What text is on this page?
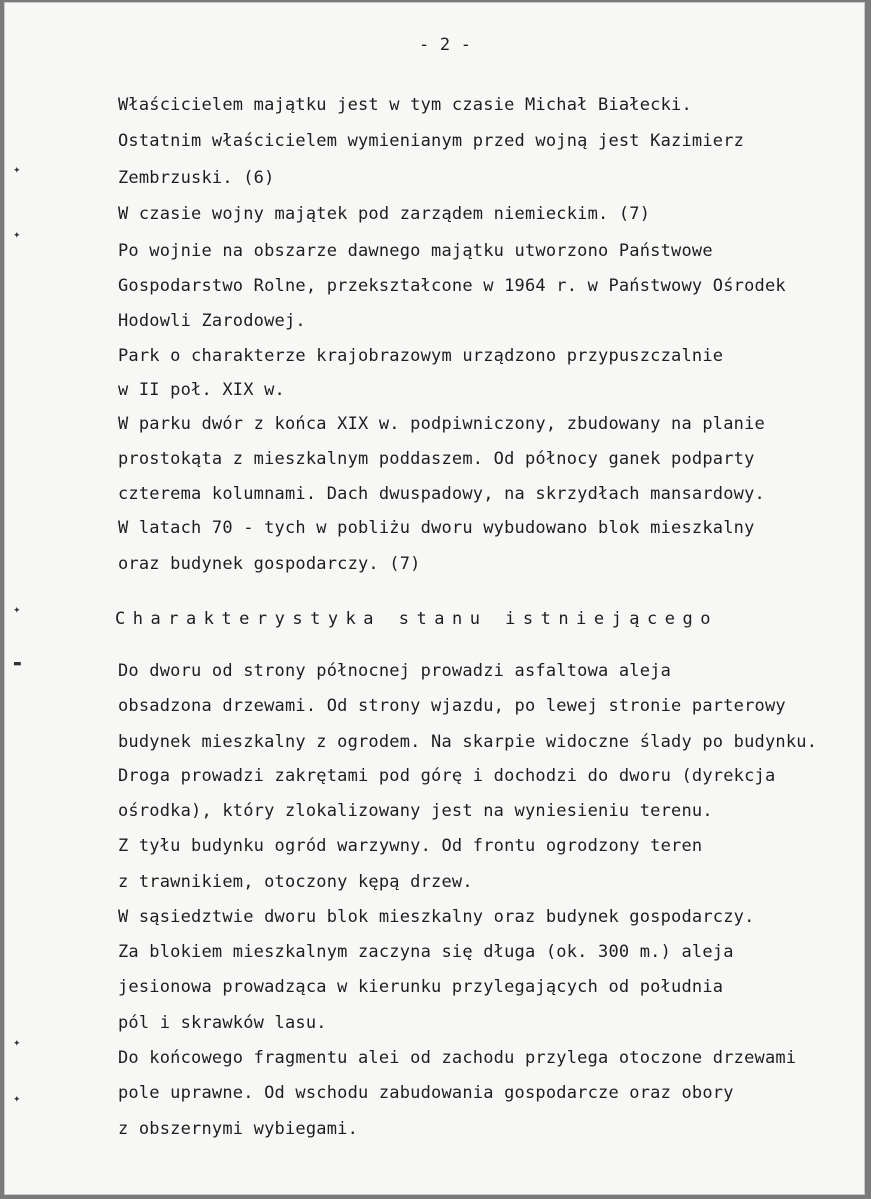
- 2 -
Właścicielem majątku jest w tym czasie Michał Białecki.
Ostatnim właścicielem wymienianym przed wojną jest Kazimierz
Zembrzuski. (6)
W czasie wojny majątek pod zarządem niemieckim. (7)
Po wojnie na obszarze dawnego majątku utworzono Państwowe
Gospodarstwo Rolne, przekształcone w 1964 r. w Państwowy Ośrodek
Hodowli Zarodowej.
Park o charakterze krajobrazowym urządzono przypuszczalnie
w II poł. XIX w.
W parku dwór z końca XIX w. podpiwniczony, zbudowany na planie
prostokąta z mieszkalnym poddaszem. Od północy ganek podparty
czterema kolumnami. Dach dwuspadowy, na skrzydłach mansardowy.
W latach 70 - tych w pobliżu dworu wybudowano blok mieszkalny
oraz budynek gospodarczy. (7)
Charakterystyka stanu istniejącego
Do dworu od strony północnej prowadzi asfaltowa aleja
obsadzona drzewami. Od strony wjazdu, po lewej stronie parterowy
budynek mieszkalny z ogrodem. Na skarpie widoczne ślady po budynku.
Droga prowadzi zakrętami pod górę i dochodzi do dworu (dyrekcja
ośrodka), który zlokalizowany jest na wyniesieniu terenu.
Z tyłu budynku ogród warzywny. Od frontu ogrodzony teren
z trawnikiem, otoczony kępą drzew.
W sąsiedztwie dworu blok mieszkalny oraz budynek gospodarczy.
Za blokiem mieszkalnym zaczyna się długa (ok. 300 m.) aleja
jesionowa prowadząca w kierunku przylegających od południa
pól i skrawków lasu.
Do końcowego fragmentu alei od zachodu przylega otoczone drzewami
pole uprawne. Od wschodu zabudowania gospodarcze oraz obory
z obszernymi wybiegami.
✦
✦
✦
▬
✦
✦
